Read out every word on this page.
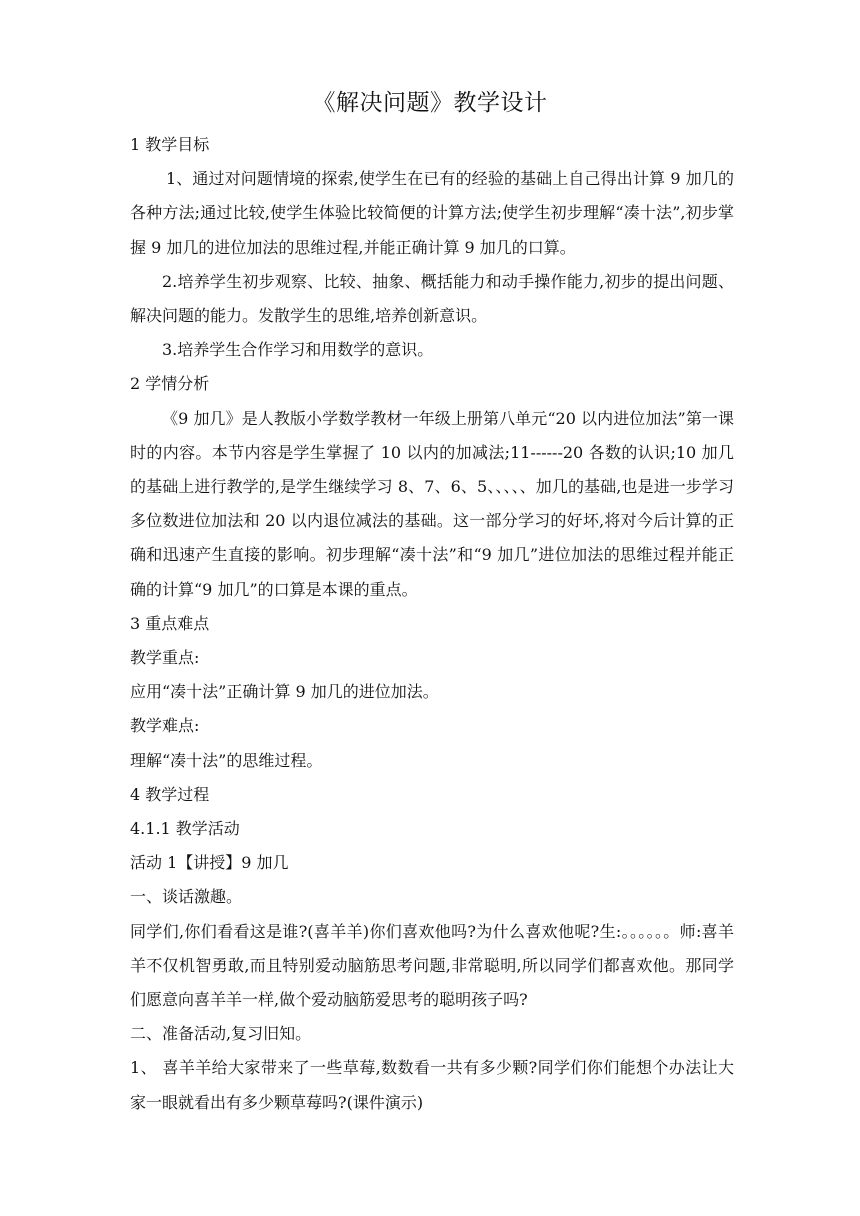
《解决问题》教学设计

1 教学目标

1、通过对问题情境的探索,使学生在已有的经验的基础上自己得出计算 9 加几的各种方法;通过比较,使学生体验比较简便的计算方法;使学生初步理解“凑十法”,初步掌握 9 加几的进位加法的思维过程,并能正确计算 9 加几的口算。

2.培养学生初步观察、比较、抽象、概括能力和动手操作能力,初步的提出问题、解决问题的能力。发散学生的思维,培养创新意识。

3.培养学生合作学习和用数学的意识。

2 学情分析

《9 加几》是人教版小学数学教材一年级上册第八单元“20 以内进位加法”第一课时的内容。本节内容是学生掌握了 10 以内的加减法;11------20 各数的认识;10 加几的基础上进行教学的,是学生继续学习 8、7、6、5、、、、、加几的基础,也是进一步学习多位数进位加法和 20 以内退位减法的基础。这一部分学习的好坏,将对今后计算的正确和迅速产生直接的影响。初步理解“凑十法”和“9 加几”进位加法的思维过程并能正确的计算“9 加几”的口算是本课的重点。

3 重点难点

教学重点:

应用“凑十法”正确计算 9 加几的进位加法。

教学难点:

理解“凑十法”的思维过程。

4 教学过程

4.1.1 教学活动

活动 1【讲授】9 加几

一、谈话激趣。

同学们,你们看看这是谁?(喜羊羊)你们喜欢他吗?为什么喜欢他呢?生:。。。。。。师:喜羊羊不仅机智勇敢,而且特别爱动脑筋思考问题,非常聪明,所以同学们都喜欢他。那同学们愿意向喜羊羊一样,做个爱动脑筋爱思考的聪明孩子吗?

二、准备活动,复习旧知。

1、 喜羊羊给大家带来了一些草莓,数数看一共有多少颗?同学们你们能想个办法让大家一眼就看出有多少颗草莓吗?(课件演示)
